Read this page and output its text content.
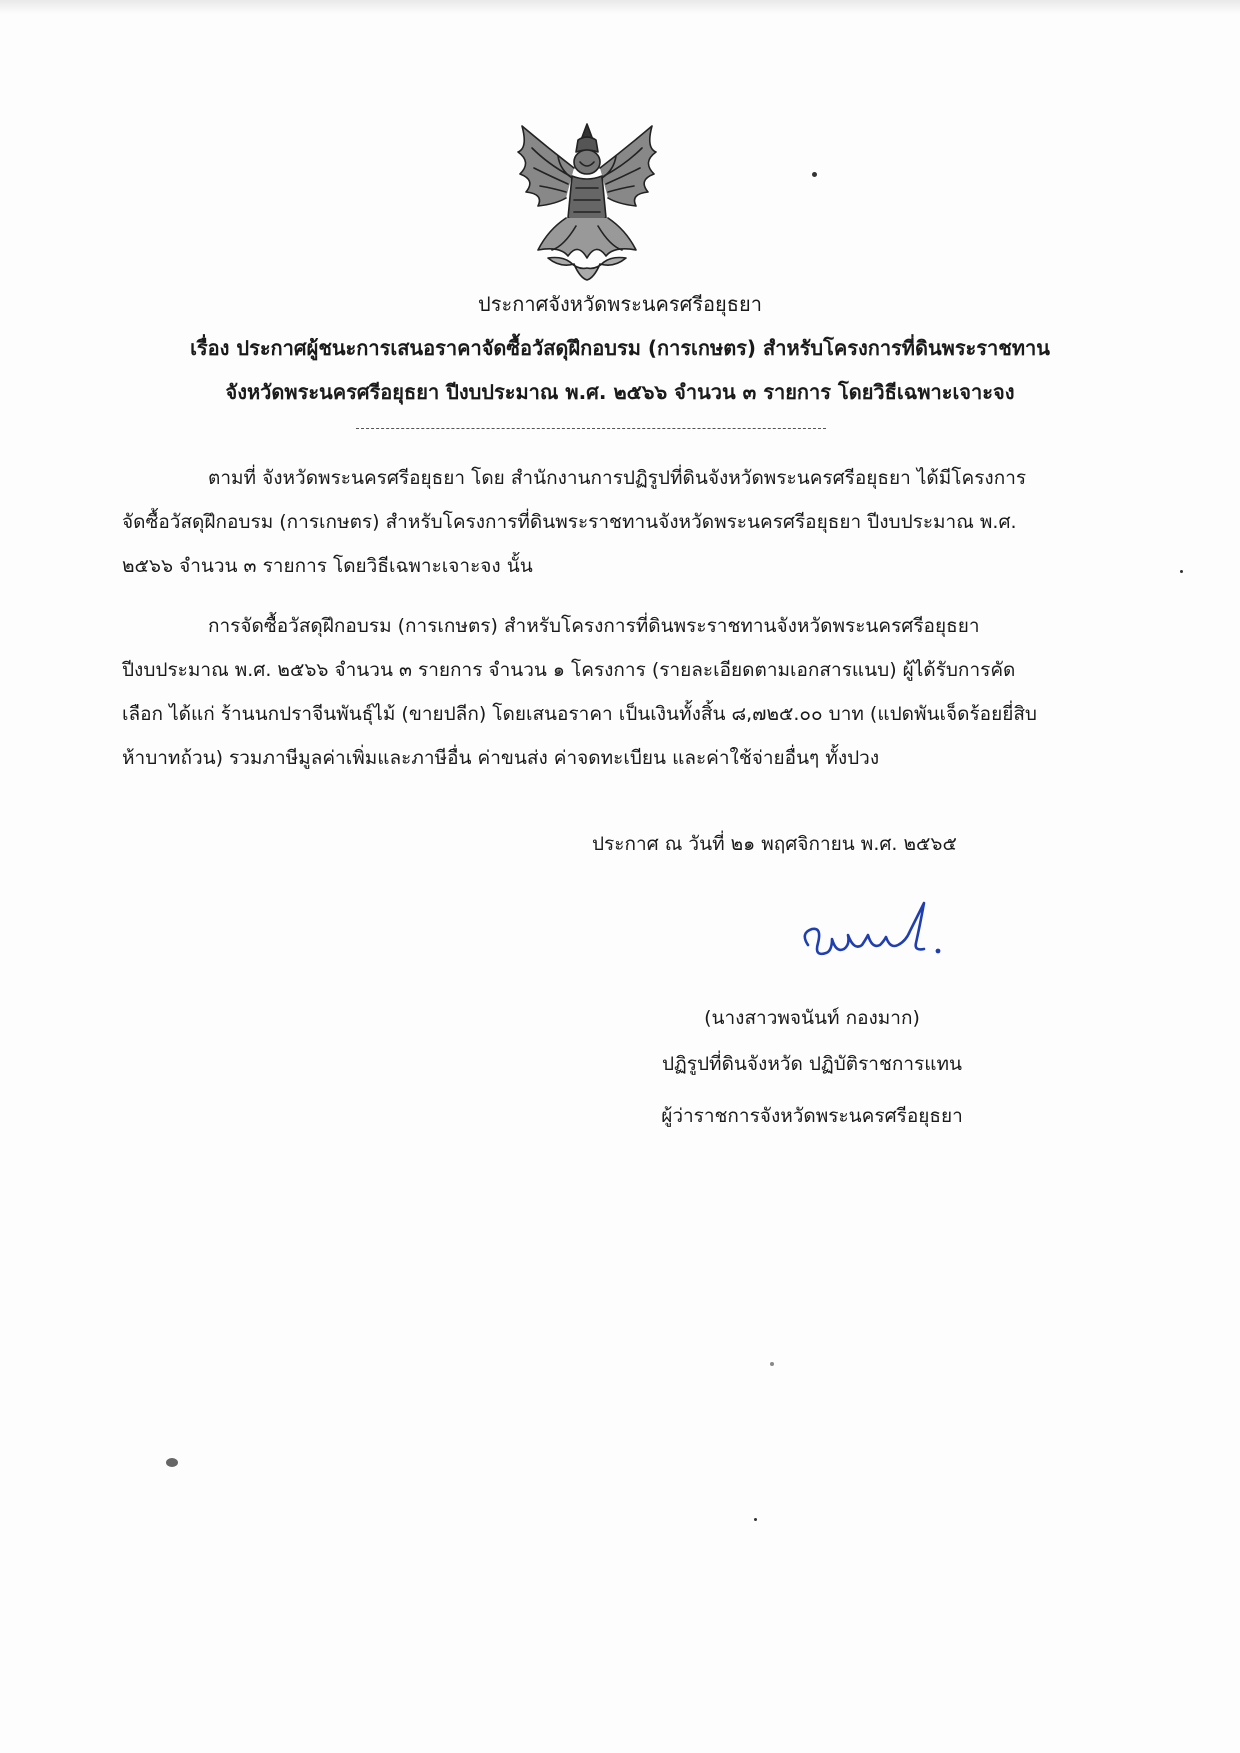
ประกาศจังหวัดพระนครศรีอยุธยา
เรื่อง ประกาศผู้ชนะการเสนอราคาจัดซื้อวัสดุฝึกอบรม (การเกษตร) สำหรับโครงการที่ดินพระราชทาน
จังหวัดพระนครศรีอยุธยา ปีงบประมาณ พ.ศ. ๒๕๖๖ จำนวน ๓ รายการ โดยวิธีเฉพาะเจาะจง
ตามที่ จังหวัดพระนครศรีอยุธยา โดย สำนักงานการปฏิรูปที่ดินจังหวัดพระนครศรีอยุธยา ได้มีโครงการ
จัดซื้อวัสดุฝึกอบรม (การเกษตร) สำหรับโครงการที่ดินพระราชทานจังหวัดพระนครศรีอยุธยา ปีงบประมาณ พ.ศ.
๒๕๖๖ จำนวน ๓ รายการ โดยวิธีเฉพาะเจาะจง นั้น
การจัดซื้อวัสดุฝึกอบรม (การเกษตร) สำหรับโครงการที่ดินพระราชทานจังหวัดพระนครศรีอยุธยา
ปีงบประมาณ พ.ศ. ๒๕๖๖ จำนวน ๓ รายการ จำนวน ๑ โครงการ (รายละเอียดตามเอกสารแนบ) ผู้ได้รับการคัด
เลือก ได้แก่ ร้านนกปราจีนพันธุ์ไม้ (ขายปลีก) โดยเสนอราคา เป็นเงินทั้งสิ้น ๘,๗๒๕.๐๐ บาท (แปดพันเจ็ดร้อยยี่สิบ
ห้าบาทถ้วน) รวมภาษีมูลค่าเพิ่มและภาษีอื่น ค่าขนส่ง ค่าจดทะเบียน และค่าใช้จ่ายอื่นๆ ทั้งปวง
ประกาศ ณ วันที่ ๒๑ พฤศจิกายน พ.ศ. ๒๕๖๕
(นางสาวพจนันท์ กองมาก)
ปฏิรูปที่ดินจังหวัด ปฏิบัติราชการแทน
ผู้ว่าราชการจังหวัดพระนครศรีอยุธยา
